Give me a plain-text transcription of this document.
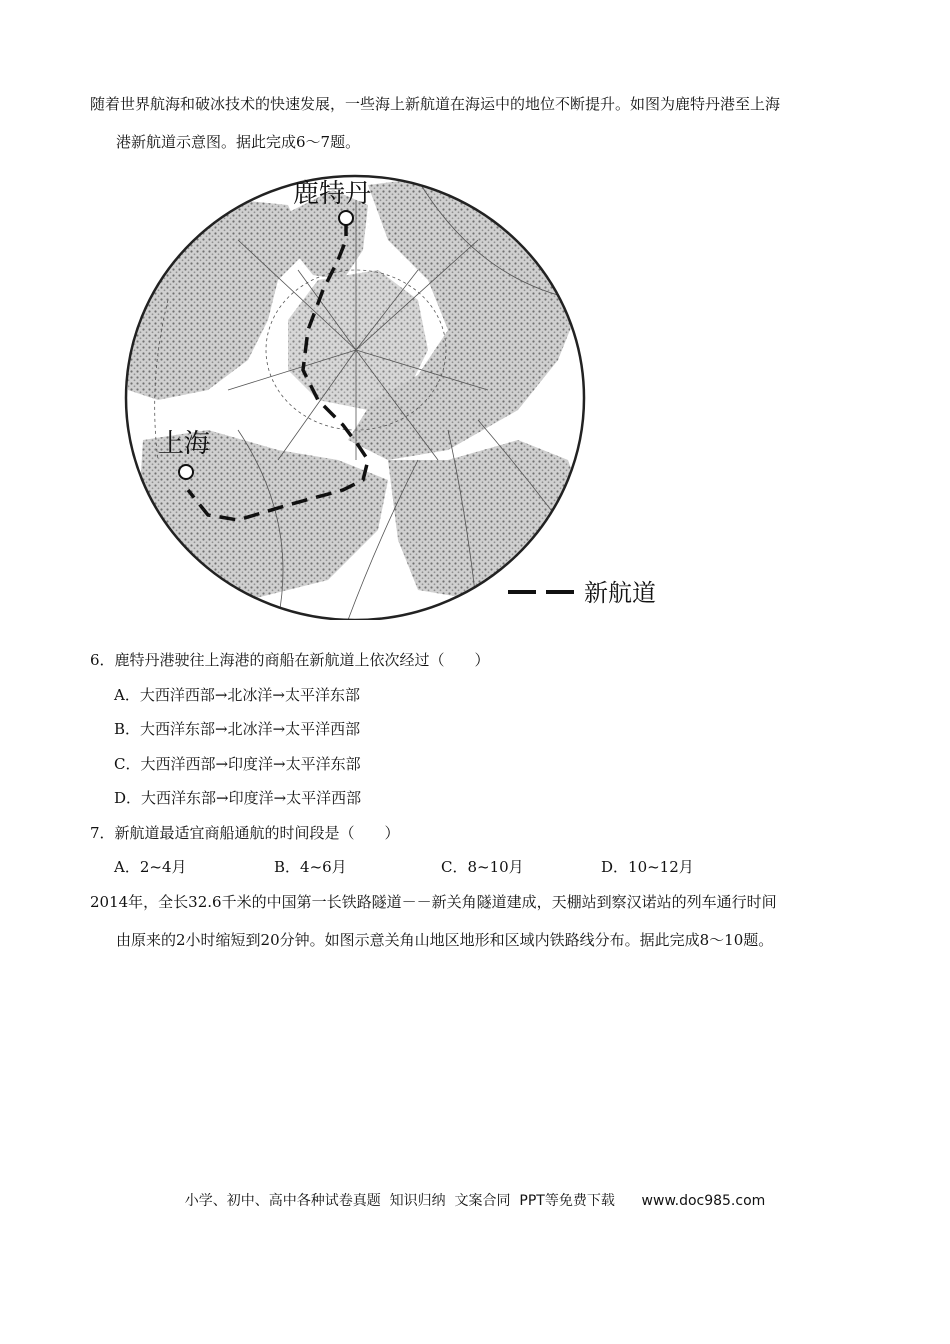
随着世界航海和破冰技术的快速发展，一些海上新航道在海运中的地位不断提升。如图为鹿特丹港至上海
港新航道示意图。据此完成6～7题。
鹿特丹
上海
新航道
6．鹿特丹港驶往上海港的商船在新航道上依次经过（　　）
A．大西洋西部→北冰洋→太平洋东部
B．大西洋东部→北冰洋→太平洋西部
C．大西洋西部→印度洋→太平洋东部
D．大西洋东部→印度洋→太平洋西部
7．新航道最适宜商船通航的时间段是（　　）
A．2~4月	B．4~6月	C．8~10月	D．10~12月
2014年，全长32.6千米的中国第一长铁路隧道－－新关角隧道建成，天棚站到察汉诺站的列车通行时间
由原来的2小时缩短到20分钟。如图示意关角山地区地形和区域内铁路线分布。据此完成8～10题。
小学、初中、高中各种试卷真题  知识归纳  文案合同  PPT等免费下载 www.doc985.com
